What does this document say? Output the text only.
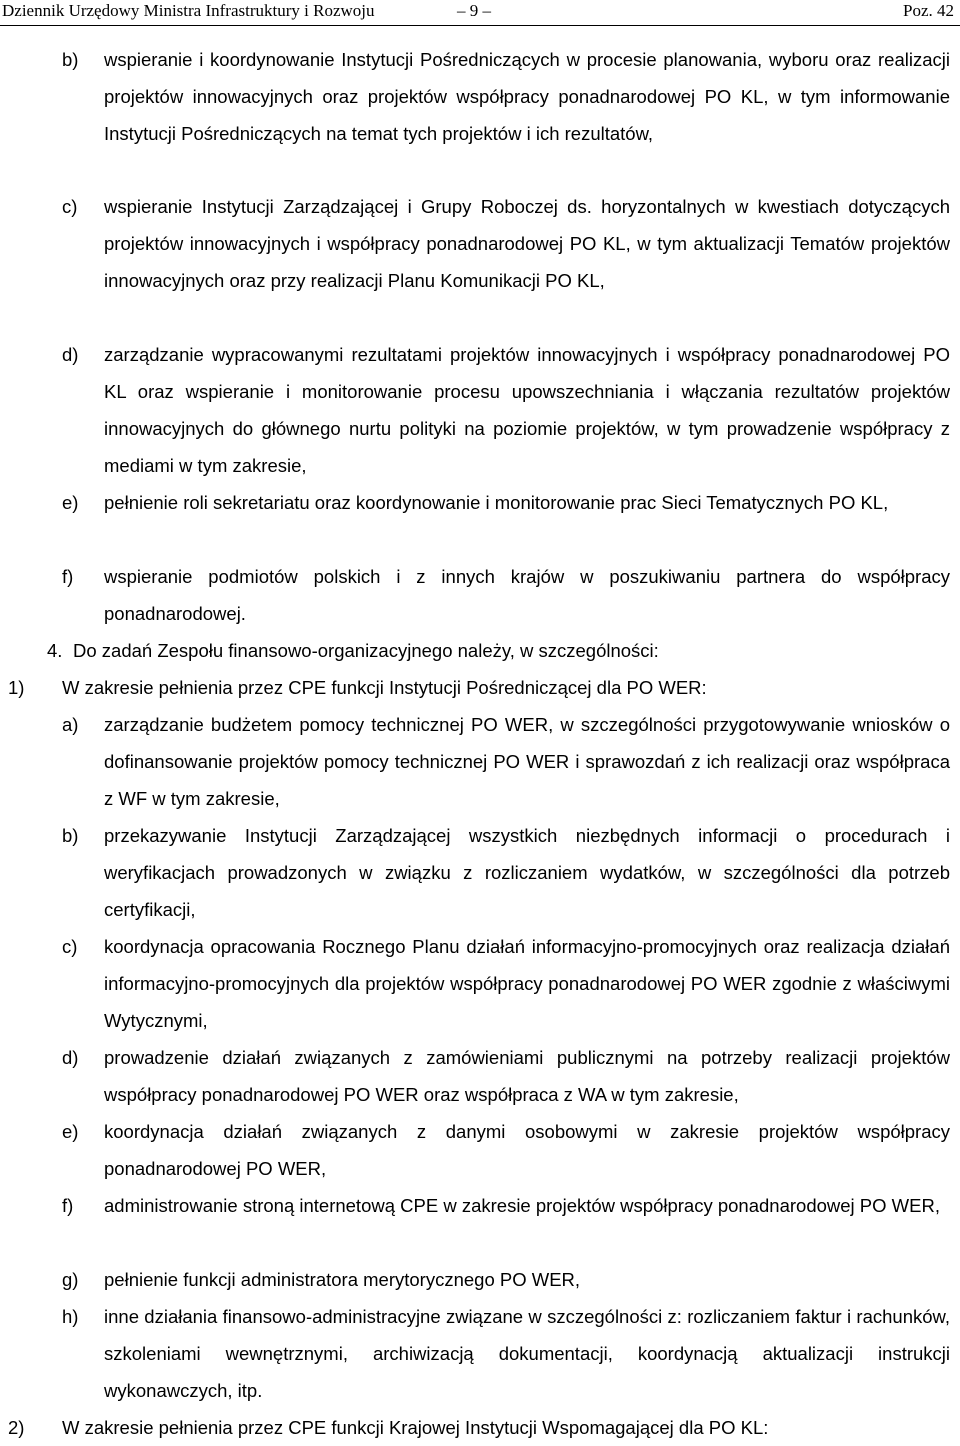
Dziennik Urzędowy Ministra Infrastruktury i Rozwoju	– 9 –	Poz. 42
b) wspieranie i koordynowanie Instytucji Pośredniczących w procesie planowania, wyboru oraz realizacji projektów innowacyjnych oraz projektów współpracy ponadnarodowej PO KL, w tym informowanie Instytucji Pośredniczących na temat tych projektów i ich rezultatów,
c) wspieranie Instytucji Zarządzającej i Grupy Roboczej ds. horyzontalnych w kwestiach dotyczących projektów innowacyjnych i współpracy ponadnarodowej PO KL, w tym aktualizacji Tematów projektów innowacyjnych oraz przy realizacji Planu Komunikacji PO KL,
d) zarządzanie wypracowanymi rezultatami projektów innowacyjnych i współpracy ponadnarodowej PO KL oraz wspieranie i monitorowanie procesu upowszechniania i włączania rezultatów projektów innowacyjnych do głównego nurtu polityki na poziomie projektów, w tym prowadzenie współpracy z mediami w tym zakresie,
e) pełnienie roli sekretariatu oraz koordynowanie i monitorowanie prac Sieci Tematycznych PO KL,
f) wspieranie podmiotów polskich i z innych krajów w poszukiwaniu partnera do współpracy ponadnarodowej.
4. Do zadań Zespołu finansowo-organizacyjnego należy, w szczególności:
1) W zakresie pełnienia przez CPE funkcji Instytucji Pośredniczącej dla PO WER:
a) zarządzanie budżetem pomocy technicznej PO WER, w szczególności przygotowywanie wniosków o dofinansowanie projektów pomocy technicznej PO WER i sprawozdań z ich realizacji oraz współpraca z WF w tym zakresie,
b) przekazywanie Instytucji Zarządzającej wszystkich niezbędnych informacji o procedurach i weryfikacjach prowadzonych w związku z rozliczaniem wydatków, w szczególności dla potrzeb certyfikacji,
c) koordynacja opracowania Rocznego Planu działań informacyjno-promocyjnych oraz realizacja działań informacyjno-promocyjnych dla projektów współpracy ponadnarodowej PO WER zgodnie z właściwymi Wytycznymi,
d) prowadzenie działań związanych z zamówieniami publicznymi na potrzeby realizacji projektów współpracy ponadnarodowej PO WER oraz współpraca z WA w tym zakresie,
e) koordynacja działań związanych z danymi osobowymi w zakresie projektów współpracy ponadnarodowej PO WER,
f) administrowanie stroną internetową CPE w zakresie projektów współpracy ponadnarodowej PO WER,
g) pełnienie funkcji administratora merytorycznego PO WER,
h) inne działania finansowo-administracyjne związane w szczególności z: rozliczaniem faktur i rachunków, szkoleniami wewnętrznymi, archiwizacją dokumentacji, koordynacją aktualizacji instrukcji wykonawczych, itp.
2) W zakresie pełnienia przez CPE funkcji Krajowej Instytucji Wspomagającej dla PO KL:
